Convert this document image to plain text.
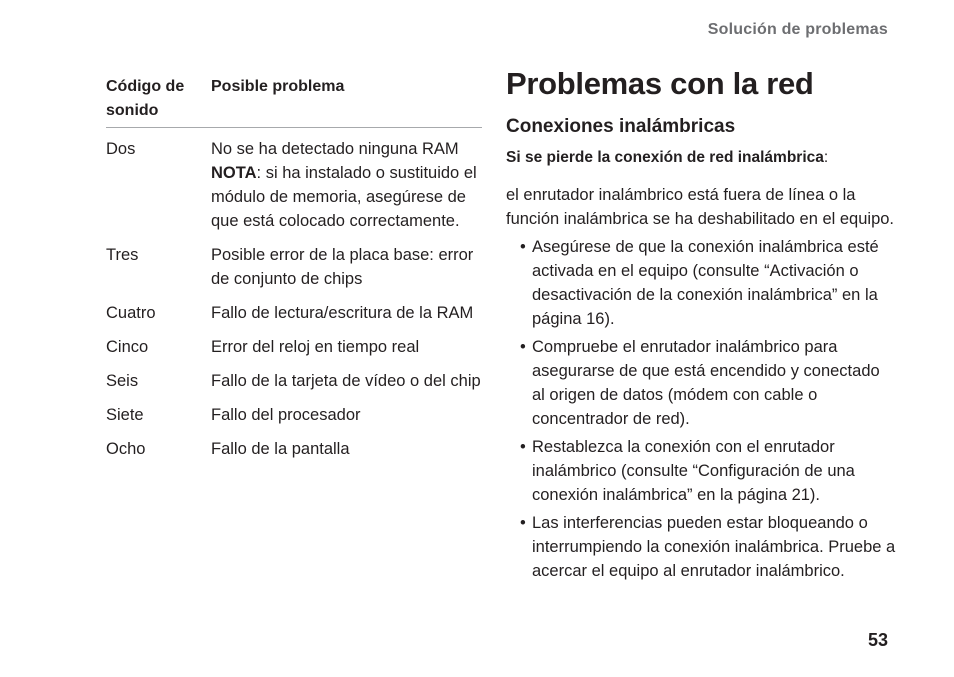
Solución de problemas
Código de sonido	Posible problema
Dos	No se ha detectado ninguna RAM
NOTA: si ha instalado o sustituido el módulo de memoria, asegúrese de que está colocado correctamente.

Tres	Posible error de la placa base: error de conjunto de chips
Cuatro	Fallo de lectura/escritura de la RAM
Cinco	Error del reloj en tiempo real
Seis	Fallo de la tarjeta de vídeo o del chip
Siete	Fallo del procesador
Ocho	Fallo de la pantalla
Problemas con la red
Conexiones inalámbricas

Si se pierde la conexión de red inalámbrica:

el enrutador inalámbrico está fuera de línea o la función inalámbrica se ha deshabilitado en el equipo.

• Asegúrese de que la conexión inalámbrica esté activada en el equipo (consulte “Activación o desactivación de la conexión inalámbrica” en la página 16).
• Compruebe el enrutador inalámbrico para asegurarse de que está encendido y conectado al origen de datos (módem con cable o concentrador de red).
• Restablezca la conexión con el enrutador inalámbrico (consulte “Configuración de una conexión inalámbrica” en la página 21).
• Las interferencias pueden estar bloqueando o interrumpiendo la conexión inalámbrica. Pruebe a acercar el equipo al enrutador inalámbrico.
53
